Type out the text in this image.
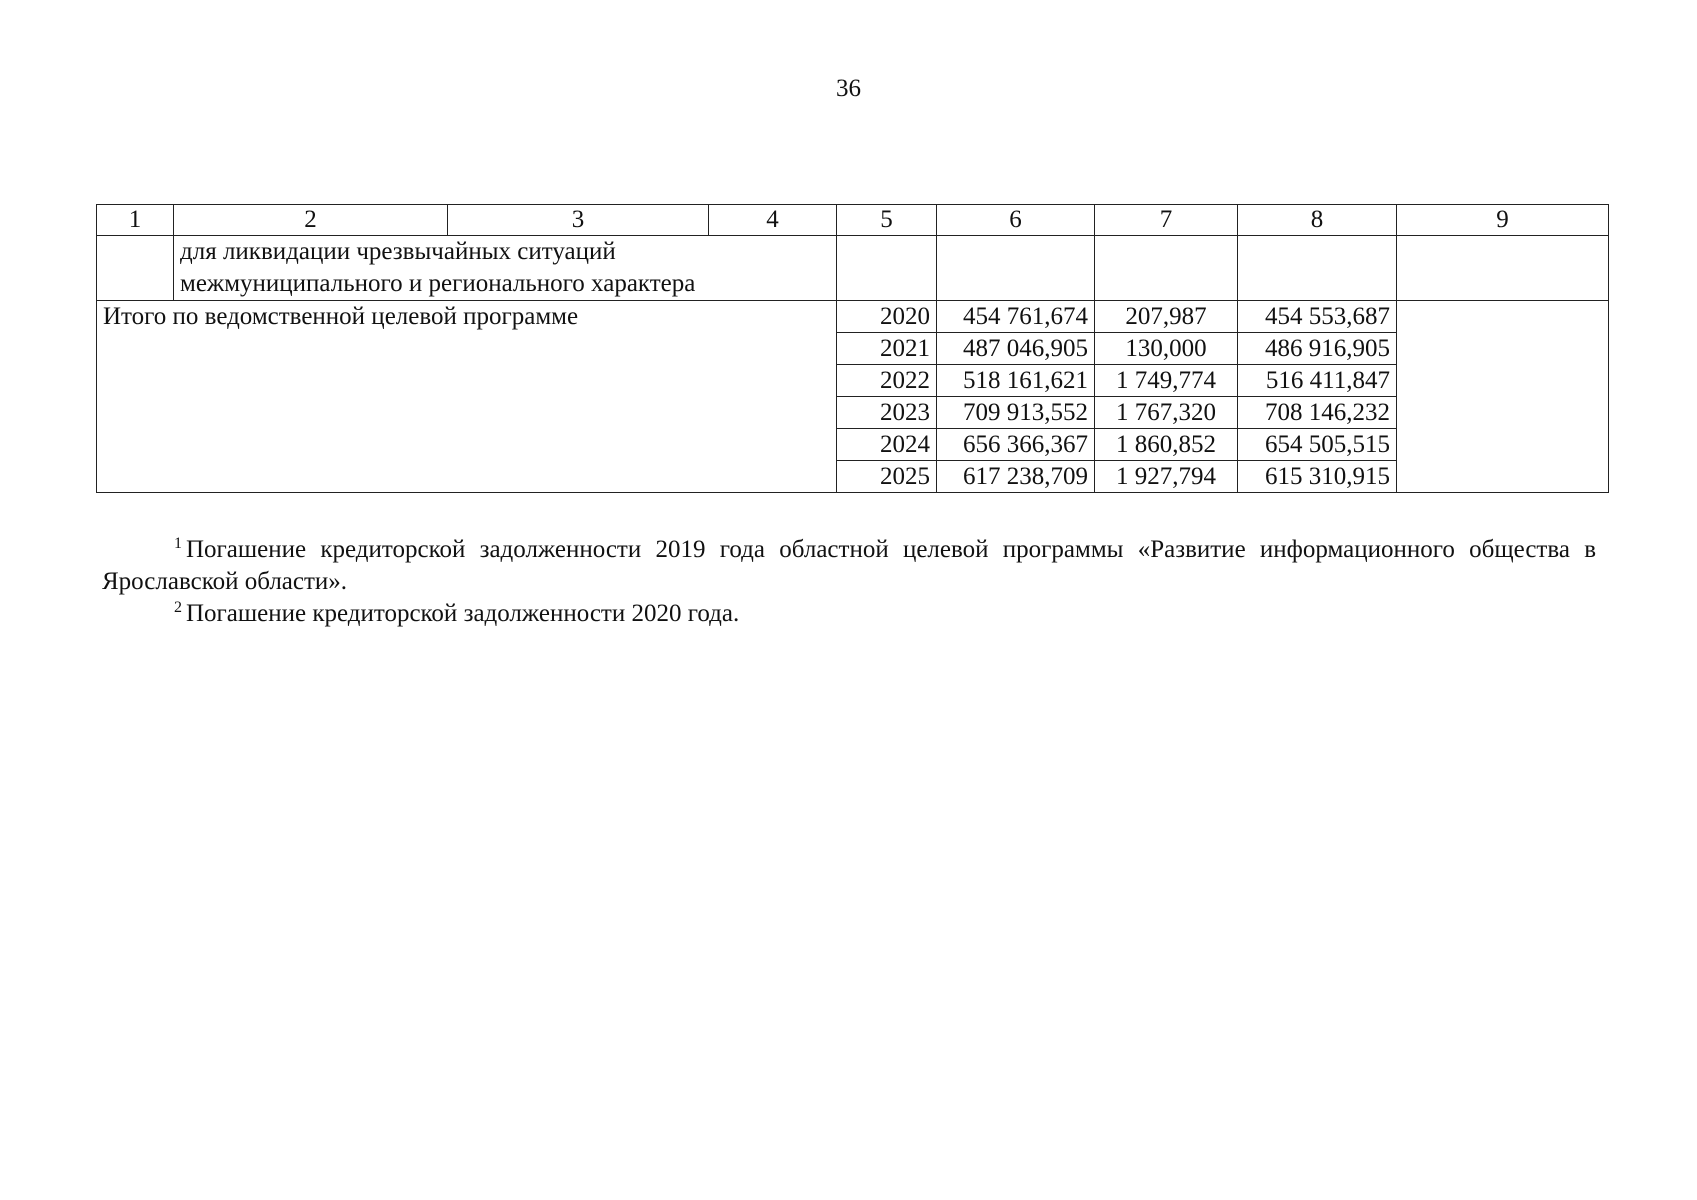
36
1	2	3	4	5	6	7	8	9

	для ликвидации чрезвычайных ситуаций
межмуниципального и регионального характера							

Итого по ведомственной целевой программе				2020	454 761,674	207,987	454 553,687	
				2021	487 046,905	130,000	486 916,905	
				2022	518 161,621	1 749,774	516 411,847	
				2023	709 913,552	1 767,320	708 146,232	
				2024	656 366,367	1 860,852	654 505,515	
				2025	617 238,709	1 927,794	615 310,915	

$^1$ Погашение кредиторской задолженности 2019 года областной целевой программы «Развитие информационного общества в Ярославской области».

$^2$ Погашение кредиторской задолженности 2020 года.
